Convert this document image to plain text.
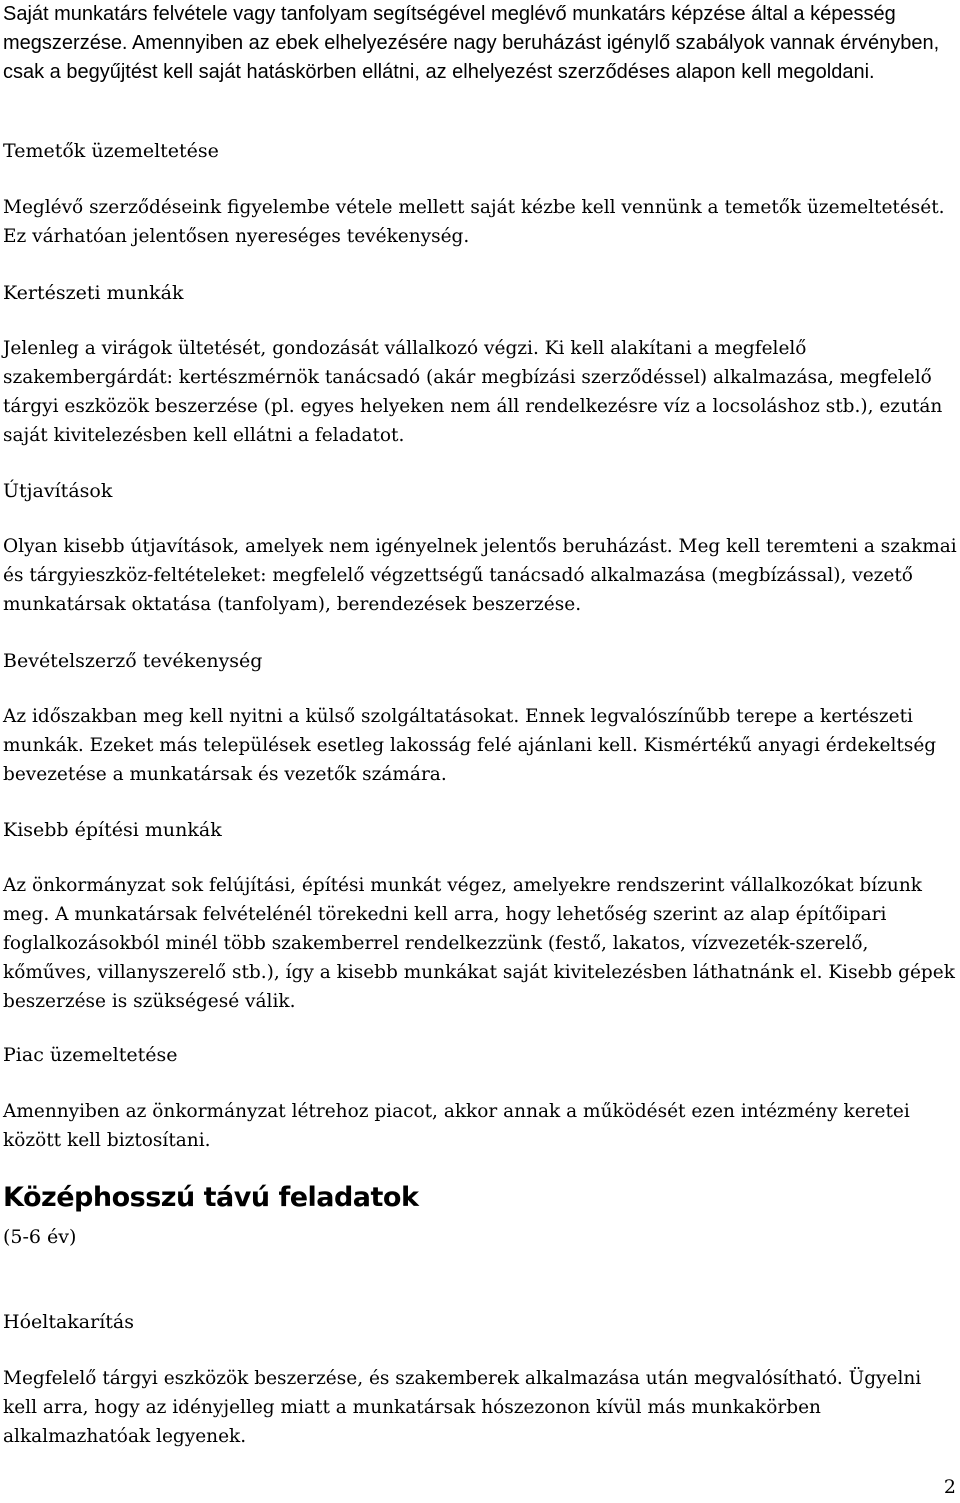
Saját munkatárs felvétele vagy tanfolyam segítségével meglévő munkatárs képzése által a képesség megszerzése. Amennyiben az ebek elhelyezésére nagy beruházást igénylő szabályok vannak érvényben, csak a begyűjtést kell saját hatáskörben ellátni, az elhelyezést szerződéses alapon kell megoldani.

Temetők üzemeltetése

Meglévő szerződéseink figyelembe vétele mellett saját kézbe kell vennünk a temetők üzemeltetését. Ez várhatóan jelentősen nyereséges tevékenység.

Kertészeti munkák

Jelenleg a virágok ültetését, gondozását vállalkozó végzi. Ki kell alakítani a megfelelő szakembergárdát: kertészmérnök tanácsadó (akár megbízási szerződéssel) alkalmazása, megfelelő tárgyi eszközök beszerzése (pl. egyes helyeken nem áll rendelkezésre víz a locsoláshoz stb.), ezután saját kivitelezésben kell ellátni a feladatot.

Útjavítások

Olyan kisebb útjavítások, amelyek nem igényelnek jelentős beruházást. Meg kell teremteni a szakmai és tárgyieszköz-feltételeket: megfelelő végzettségű tanácsadó alkalmazása (megbízással), vezető munkatársak oktatása (tanfolyam), berendezések beszerzése.

Bevételszerző tevékenység

Az időszakban meg kell nyitni a külső szolgáltatásokat. Ennek legvalószínűbb terepe a kertészeti munkák. Ezeket más települések esetleg lakosság felé ajánlani kell. Kismértékű anyagi érdekeltség bevezetése a munkatársak és vezetők számára.

Kisebb építési munkák

Az önkormányzat sok felújítási, építési munkát végez, amelyekre rendszerint vállalkozókat bízunk meg. A munkatársak felvételénél törekedni kell arra, hogy lehetőség szerint az alap építőipari foglalkozásokból minél több szakemberrel rendelkezzünk (festő, lakatos, vízvezeték-szerelő, kőműves, villanyszerelő stb.), így a kisebb munkákat saját kivitelezésben láthatnánk el. Kisebb gépek beszerzése is szükségesé válik.

Piac üzemeltetése

Amennyiben az önkormányzat létrehoz piacot, akkor annak a működését ezen intézmény keretei között kell biztosítani.

Középhosszú távú feladatok

(5-6 év)

Hóeltakarítás

Megfelelő tárgyi eszközök beszerzése, és szakemberek alkalmazása után megvalósítható. Ügyelni kell arra, hogy az idényjelleg miatt a munkatársak hószezonon kívül más munkakörben alkalmazhatóak legyenek.

2
